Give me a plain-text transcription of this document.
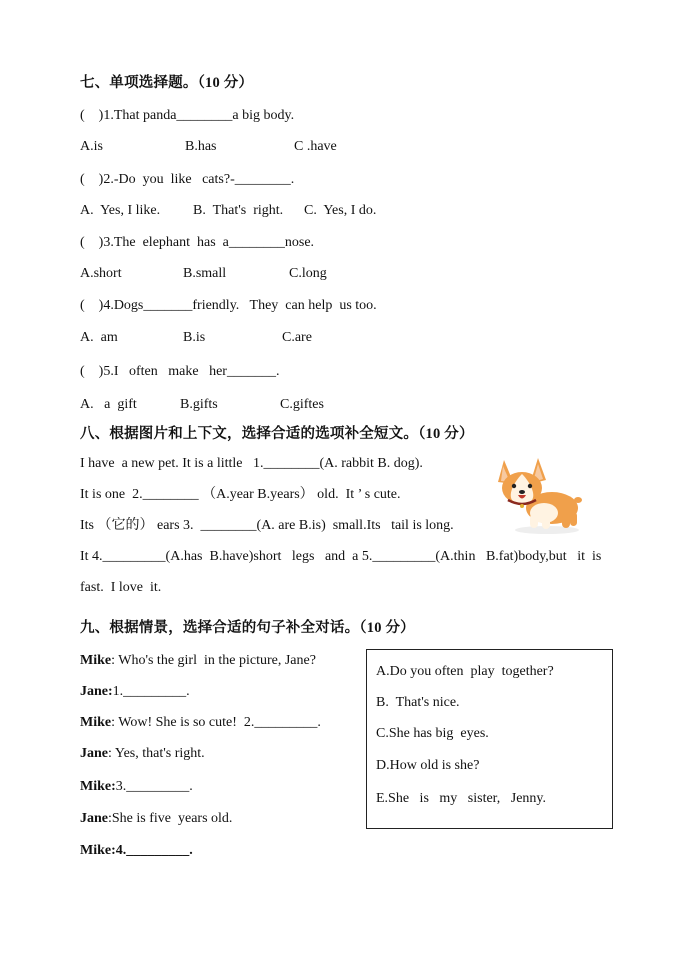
七、单项选择题。（10 分）
(    )1.That panda________a big body.
A.is	B.has	C .have
(    )2.-Do  you  like   cats?-________.
A.  Yes, I like. B.  That's  right. C.  Yes, I do.
(    )3.The  elephant  has  a________nose.
A.short	B.small	C.long
(    )4.Dogs_______friendly.   They  can help  us too.
A.  am	B.is	C.are
(    )5.I   often   make   her_______.
A.   a  gift	B.gifts	C.giftes
八、根据图片和上下文，选择合适的选项补全短文。（10 分）
I have  a new pet. It is a little   1.________(A. rabbit B. dog).
It is one  2.________ （A.year B.years） old.  It ’ s cute.
Its （它的） ears 3.  ________(A. are B.is)  small.Its   tail is long.
It 4._________(A.has  B.have)short   legs   and  a 5._________(A.thin   B.fat)body,but   it  is
fast.  I love  it.
九、根据情景，选择合适的句子补全对话。（10 分）
Mike: Who's the girl  in the picture, Jane?
Jane:1._________.
Mike: Wow! She is so cute!  2._________.
Jane: Yes, that's right.
Mike:3._________.
Jane:She is five  years old.
Mike:4._________.
A.Do you often  play  together?
B.  That's nice.
C.She has big  eyes.
D.How old is she?
E.She   is   my   sister,   Jenny.
